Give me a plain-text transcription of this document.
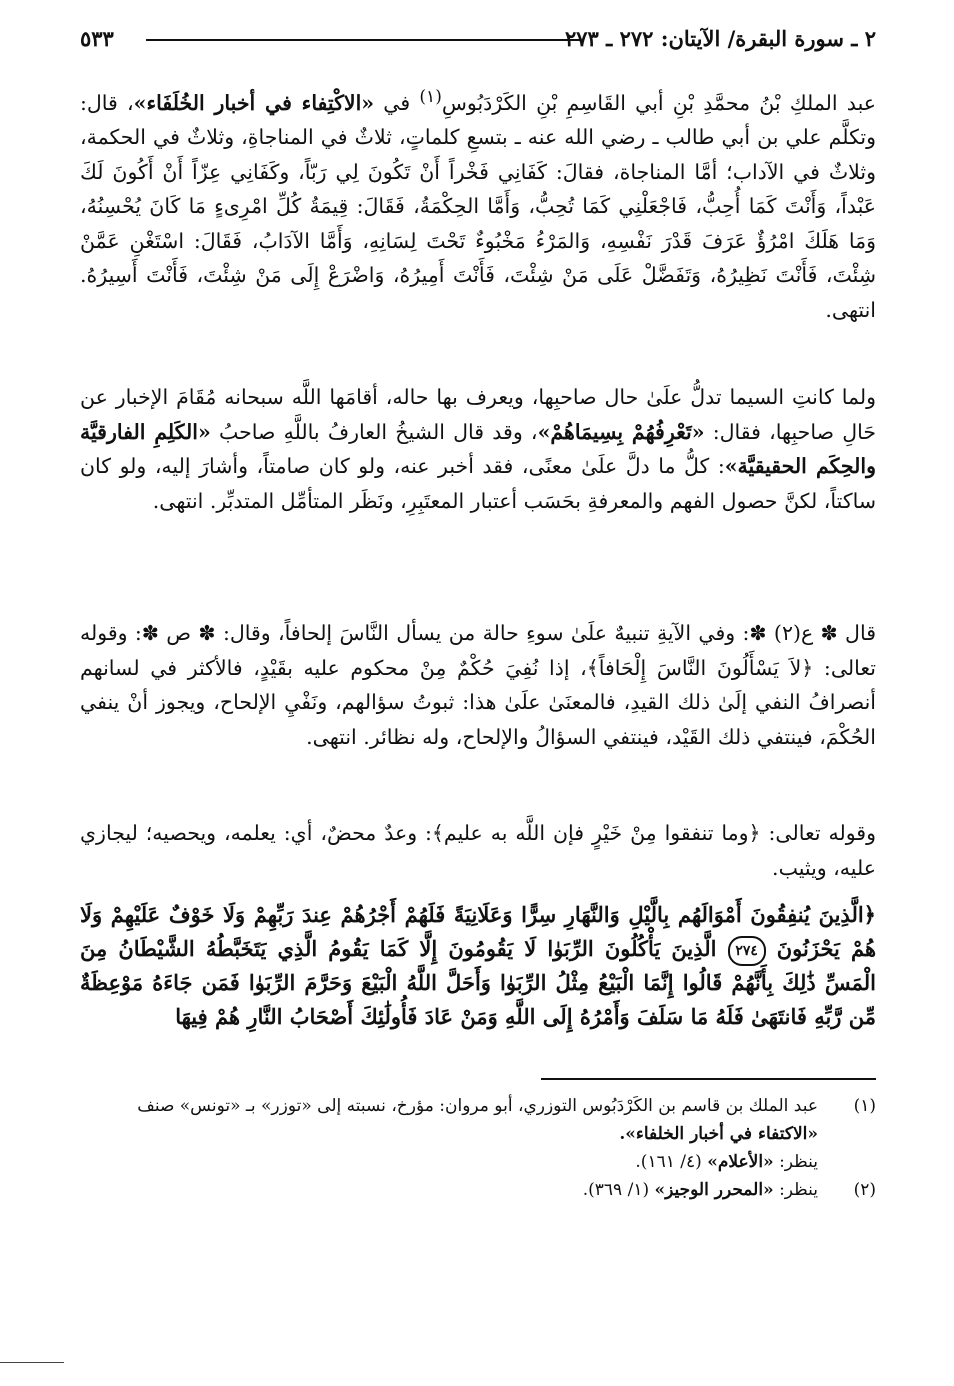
٢ ـ سورة البقرة/ الآيتان: ٢٧٢ ـ ٢٧٣
٥٣٣

عبد الملكِ بْنُ محمَّدِ بْنِ أبي القَاسِمِ بْنِ الكَرْدَبُوسِ$^{(١)}$ في «الاكْتِفاء في أخبار الخُلَفَاء»، قال: وتكلَّم علي بن أبي طالب ـ رضي الله عنه ـ بتسعِ كلماتٍ، ثلاثٌ في المناجاةِ، وثلاثٌ في الحكمة، وثلاثٌ في الآداب؛ أمَّا المناجاة، فقالَ: كَفَانِي فَخْراً أَنْ تَكُونَ لِي رَبّاً، وكَفَانِي عِزّاً أَنْ أَكُونَ لَكَ عَبْداً، وَأَنْتَ كَمَا أُحِبُّ، فَاجْعَلْنِي كَمَا تُحِبُّ، وَأَمَّا الحِكْمَةُ، فَقَالَ: قِيمَةُ كُلِّ امْرِىءٍ مَا كَانَ يُحْسِنُهُ، وَمَا هَلَكَ امْرُؤٌ عَرَفَ قَدْرَ نَفْسِهِ، وَالمَرْءُ مَخْبُوءٌ تَحْتَ لِسَانِهِ، وَأَمَّا الآدَابُ، فَقَالَ: اسْتَغْنِ عَمَّنْ شِئْتَ، فَأَنْتَ نَظِيرُهُ، وَتَفَضَّلْ عَلَى مَنْ شِئْتَ، فَأَنْتَ أَمِيرُهُ، وَاضْرَعْ إِلَى مَنْ شِئْتَ، فَأَنْتَ أَسِيرُهُ. انتهى.

ولما كانتِ السيما تدلُّ علَىٰ حال صاحبِها، ويعرف بها حاله، أقامَها اللَّه سبحانه مُقَامَ الإخبار عن حَالِ صاحبِها، فقال: «تَعْرِفُهُمْ بِسِيمَاهُمْ»، وقد قال الشيخُ العارفُ باللَّهِ صاحبُ «الكَلِمِ الفارقيَّة والحِكَم الحقيقيَّة»: كلُّ ما دلَّ علَىٰ معنًى، فقد أخبر عنه، ولو كان صامتاً، وأشارَ إليه، ولو كان ساكتاً، لكنَّ حصول الفهم والمعرفةِ بحَسَب أعتبار المعتَبِرِ، ونَظَر المتأمِّل المتدبِّر. انتهى.

قال ✽ ع(٢) ✽: وفي الآيةِ تنبيهٌ علَىٰ سوءِ حالة من يسأل النَّاسَ إلحافاً، وقال: ✽ ص ✽: وقوله تعالى: ﴿لاَ يَسْأَلُونَ النَّاسَ إِلْحَافاً﴾، إذا نُفِيَ حُكْمٌ مِنْ محكوم عليه بقَيْدٍ، فالأكثر في لسانهم أنصرافُ النفي إلَىٰ ذلك القيدِ، فالمعنَىٰ علَىٰ هذا: ثبوتُ سؤالهم، ونَفْيِ الإلحاح، ويجوز أنْ ينفي الحُكْمَ، فينتفي ذلك القَيْد، فينتفي السؤالُ والإلحاح، وله نظائر. انتهى.

وقوله تعالى: ﴿وما تنفقوا مِنْ خَيْرٍ فإن اللَّه به عليم﴾: وعدٌ محضٌ، أي: يعلمه، ويحصيه؛ ليجازي عليه، ويثيب.

﴿الَّذِينَ يُنفِقُونَ أَمْوَالَهُم بِالَّيْلِ وَالنَّهَارِ سِرًّا وَعَلَانِيَةً فَلَهُمْ أَجْرُهُمْ عِندَ رَبِّهِمْ وَلَا خَوْفٌ عَلَيْهِمْ وَلَا هُمْ يَحْزَنُونَ ٢٧٤ الَّذِينَ يَأْكُلُونَ الرِّبَوٰا لَا يَقُومُونَ إِلَّا كَمَا يَقُومُ الَّذِي يَتَخَبَّطُهُ الشَّيْطَانُ مِنَ الْمَسِّ ذَٰلِكَ بِأَنَّهُمْ قَالُوا إِنَّمَا الْبَيْعُ مِثْلُ الرِّبَوٰا وَأَحَلَّ اللَّهُ الْبَيْعَ وَحَرَّمَ الرِّبَوٰا فَمَن جَاءَهُ مَوْعِظَةٌ مِّن رَّبِّهِ فَانتَهَىٰ فَلَهُ مَا سَلَفَ وَأَمْرُهُ إِلَى اللَّهِ وَمَنْ عَادَ فَأُولَٰئِكَ أَصْحَابُ النَّارِ هُمْ فِيهَا

(١)
عبد الملك بن قاسم بن الكَرْدَبُوس التوزري، أبو مروان: مؤرخ، نسبته إلى «توزر» بـ «تونس» صنف «الاكتفاء في أخبار الخلفاء».
ينظر: «الأعلام» (٤/ ١٦١).
(٢)
ينظر: «المحرر الوجيز» (١/ ٣٦٩).
